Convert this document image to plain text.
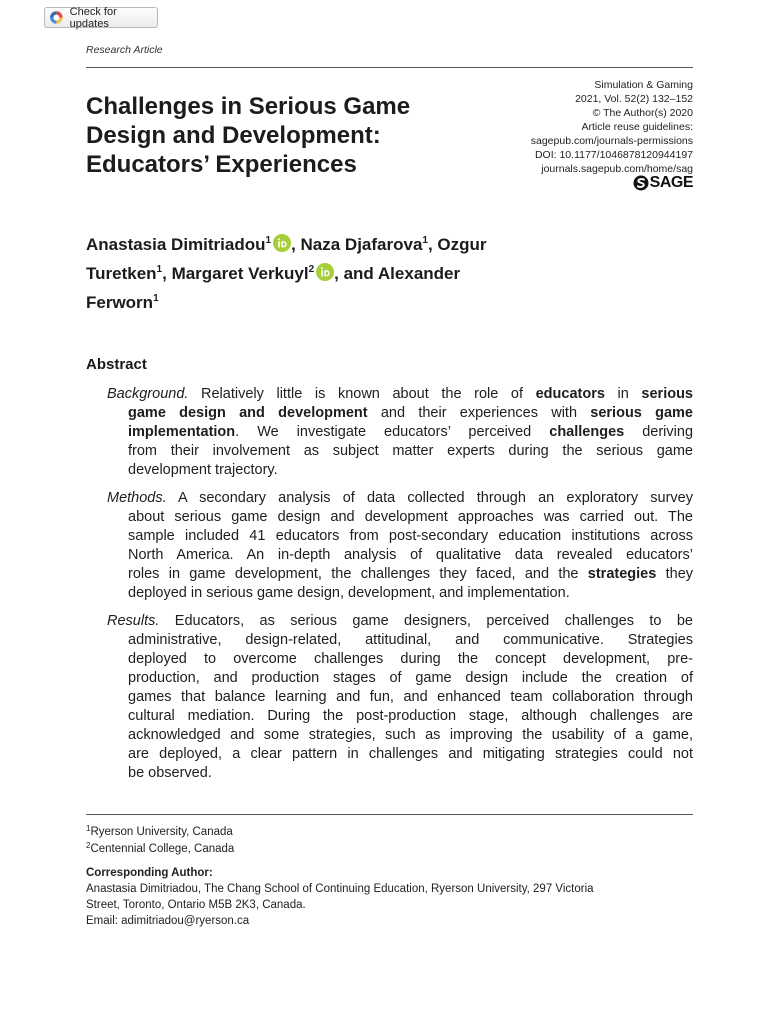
Check for updates
Research Article
Challenges in Serious Game
Design and Development:
Educators’ Experiences
Simulation & Gaming
2021, Vol. 52(2) 132–152
© The Author(s) 2020
Article reuse guidelines:
sagepub.com/journals-permissions
DOI: 10.1177/1046878120944197
journals.sagepub.com/home/sag
SAGE
Anastasia Dimitriadou$^1$ , Naza Djafarova$^1$, Ozgur
Turetken$^1$, Margaret Verkuyl$^2$ , and Alexander
Ferworn$^1$
Abstract
Background. Relatively little is known about the role of educators in serious
game design and development and their experiences with serious game
implementation. We investigate educators’ perceived challenges deriving
from their involvement as subject matter experts during the serious game
development trajectory.
Methods. A secondary analysis of data collected through an exploratory survey
about serious game design and development approaches was carried out. The
sample included 41 educators from post-secondary education institutions across
North America. An in-depth analysis of qualitative data revealed educators’
roles in game development, the challenges they faced, and the strategies they
deployed in serious game design, development, and implementation.
Results. Educators, as serious game designers, perceived challenges to be
administrative, design-related, attitudinal, and communicative. Strategies
deployed to overcome challenges during the concept development, pre-
production, and production stages of game design include the creation of
games that balance learning and fun, and enhanced team collaboration through
cultural mediation. During the post-production stage, although challenges are
acknowledged and some strategies, such as improving the usability of a game,
are deployed, a clear pattern in challenges and mitigating strategies could not
be observed.
$^1$Ryerson University, Canada
$^2$Centennial College, Canada
Corresponding Author:
Anastasia Dimitriadou, The Chang School of Continuing Education, Ryerson University, 297 Victoria
Street, Toronto, Ontario M5B 2K3, Canada.
Email: adimitriadou@ryerson.ca
